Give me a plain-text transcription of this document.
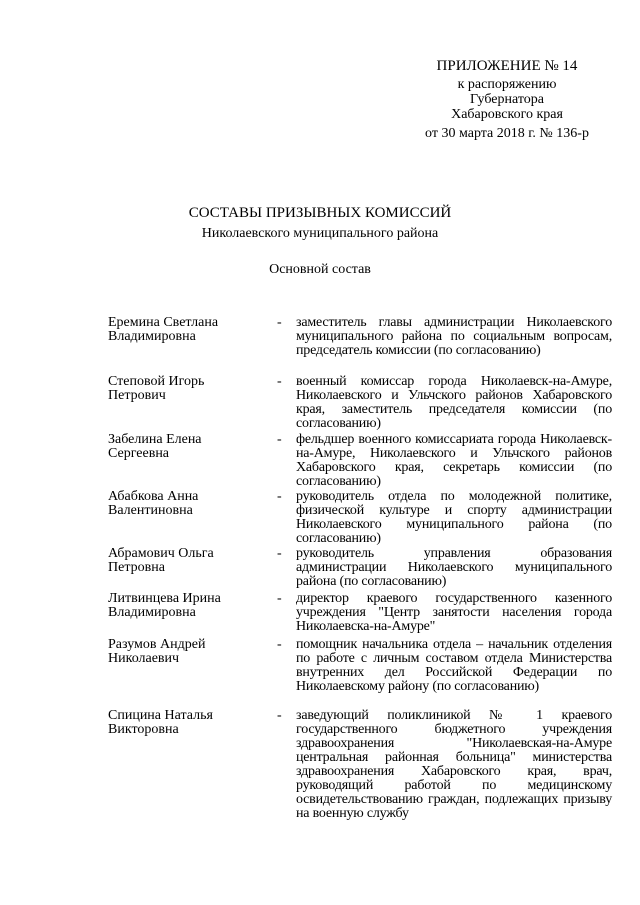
ПРИЛОЖЕНИЕ № 14
к распоряжению
Губернатора
Хабаровского края
от 30 марта 2018 г. № 136-р
СОСТАВЫ ПРИЗЫВНЫХ КОМИССИЙ
Николаевского муниципального района
Основной состав
Еремина Светлана
Владимировна
-	заместитель главы администрации Николаевского муниципального района по социальным вопросам, председатель комиссии (по согласованию)
Степовой Игорь
Петрович
-	военный комиссар города Николаевск-на-Амуре, Николаевского и Ульчского районов Хабаровского края, заместитель председателя комиссии (по согласованию)
Забелина Елена
Сергеевна
-	фельдшер военного комиссариата города Николаевск-на-Амуре, Николаевского и Ульчского районов Хабаровского края, секретарь комиссии (по согласованию)
Абабкова Анна
Валентиновна
-	руководитель отдела по молодежной политике, физической культуре и спорту администрации Николаевского муниципального района (по согласованию)
Абрамович Ольга
Петровна
-	руководитель управления образования администрации Николаевского муниципального района (по согласованию)
Литвинцева Ирина
Владимировна
-	директор краевого государственного казенного учреждения "Центр занятости населения города Николаевска-на-Амуре"
Разумов Андрей
Николаевич
-	помощник начальника отдела – начальник отделения по работе с личным составом отдела Министерства внутренних дел Российской Федерации по Николаевскому району (по согласованию)
Спицина Наталья
Викторовна
-	заведующий поликлиникой № 1 краевого государственного бюджетного учреждения здравоохранения "Николаевская-на-Амуре центральная районная больница" министерства здравоохранения Хабаровского края, врач, руководящий работой по медицинскому освидетельствованию граждан, подлежащих призыву на военную службу
